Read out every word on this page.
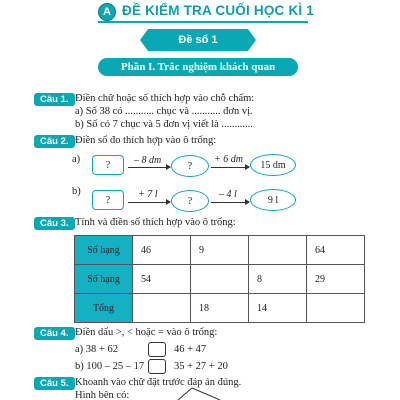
A ĐỀ KIỂM TRA CUỐI HỌC KÌ 1
Đề số 1
Phần I. Trắc nghiệm khách quan
Câu 1. Điền chữ hoặc số thích hợp vào chỗ chấm:
a) Số 38 có ........... chục và ........... đơn vị.
b) Số có 7 chục và 5 đơn vị viết là ............
Câu 2. Điền số đo thích hợp vào ô trống:
a)	?	– 8 dm	?
+ 6 dm	15 dm
b)
?	+ 7 l
?
– 4 l	9 l
Câu 3. Tính và điền số thích hợp vào ô trống:
Số hạng	46	9		64
Số hạng	54		8	29
Tổng		18	14	
Câu 4. Điền dấu >, < hoặc = vào ô trống:
a) 38 + 62	46 + 47
b) 100 – 25 – 17	35 + 27 + 20
Câu 5. Khoanh vào chữ đặt trước đáp án đúng.
Hình bên có:
